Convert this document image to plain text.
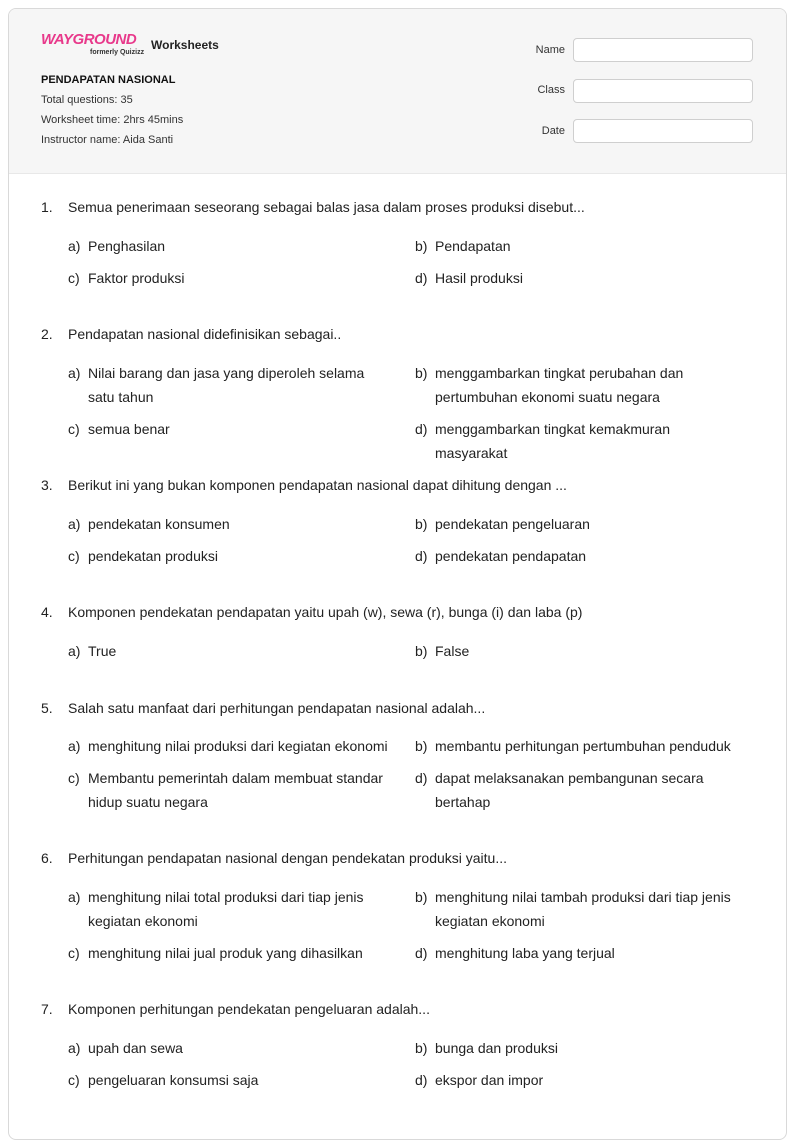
WAYGROUND
formerly Quizizz
Worksheets
PENDAPATAN NASIONAL
Total questions: 35
Worksheet time: 2hrs 45mins
Instructor name: Aida Santi
Name
Class
Date
1. Semua penerimaan seseorang sebagai balas jasa dalam proses produksi disebut...
a) Penghasilan	b) Pendapatan
c) Faktor produksi	d) Hasil produksi
2. Pendapatan nasional didefinisikan sebagai..
a) Nilai barang dan jasa yang diperoleh selama satu tahun
b) menggambarkan tingkat perubahan dan pertumbuhan ekonomi suatu negara
c) semua benar	d) menggambarkan tingkat kemakmuran masyarakat
3. Berikut ini yang bukan komponen pendapatan nasional dapat dihitung dengan ...
a) pendekatan konsumen	b) pendekatan pengeluaran
c) pendekatan produksi	d) pendekatan pendapatan
4. Komponen pendekatan pendapatan yaitu upah (w), sewa (r), bunga (i) dan laba (p)
a) True	b) False
5. Salah satu manfaat dari perhitungan pendapatan nasional adalah...
a) menghitung nilai produksi dari kegiatan ekonomi b) membantu perhitungan pertumbuhan penduduk
c) Membantu pemerintah dalam membuat standar hidup suatu negara
d) dapat melaksanakan pembangunan secara bertahap
6. Perhitungan pendapatan nasional dengan pendekatan produksi yaitu...
a) menghitung nilai total produksi dari tiap jenis kegiatan ekonomi
b) menghitung nilai tambah produksi dari tiap jenis kegiatan ekonomi
c) menghitung nilai jual produk yang dihasilkan	d) menghitung laba yang terjual
7. Komponen perhitungan pendekatan pengeluaran adalah...
a) upah dan sewa	b) bunga dan produksi
c) pengeluaran konsumsi saja	d) ekspor dan impor
